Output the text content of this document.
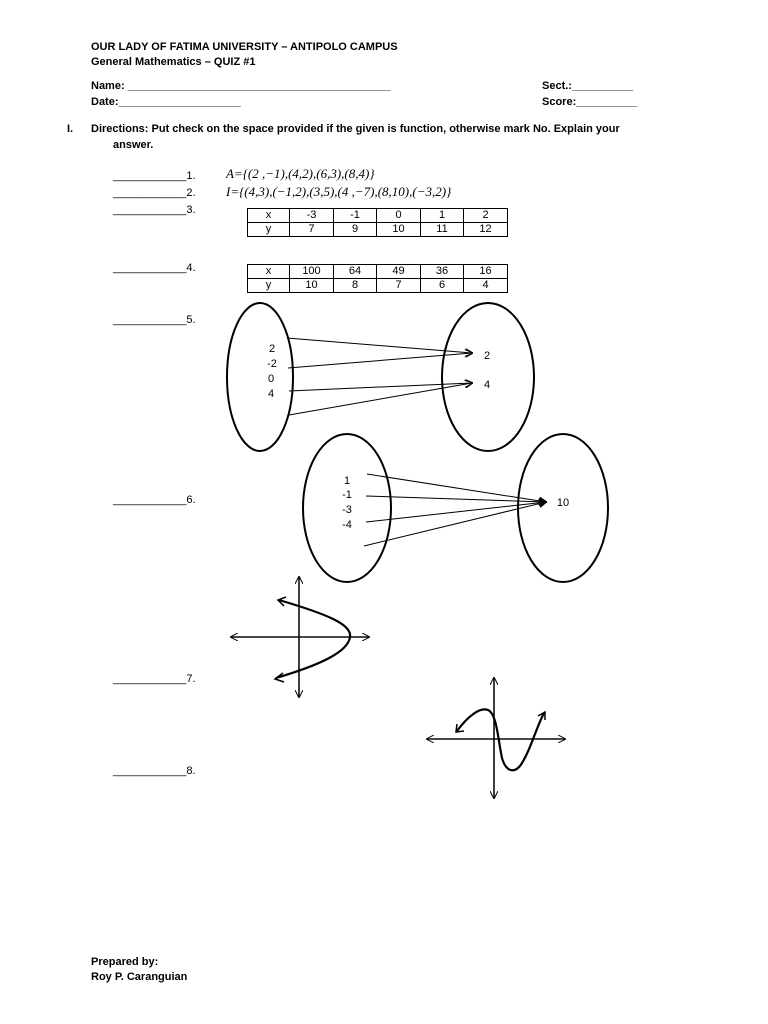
OUR LADY OF FATIMA UNIVERSITY – ANTIPOLO CAMPUS
General Mathematics – QUIZ #1
Name: ___________________________________________	Sect.:__________
Date:____________________	Score:__________
I. Directions: Put check on the space provided if the given is function, otherwise mark No. Explain your
answer.
____________1.
____________2.
____________3.
____________4.
____________5.
____________6.
____________7.
____________8.
A={(2 ,−1),(4,2),(6,3),(8,4)}
I={(4,3),(−1,2),(3,5),(4 ,−7),(8,10),(−3,2)}
x	-3	-1	0	1	2
y	7	9	10	11	12
x	100	64	49	36	16
y	10	8	7	6	4
2
-2
0
4
2
4
1
-1
-3
-4
10
Prepared by:
Roy P. Caranguian
